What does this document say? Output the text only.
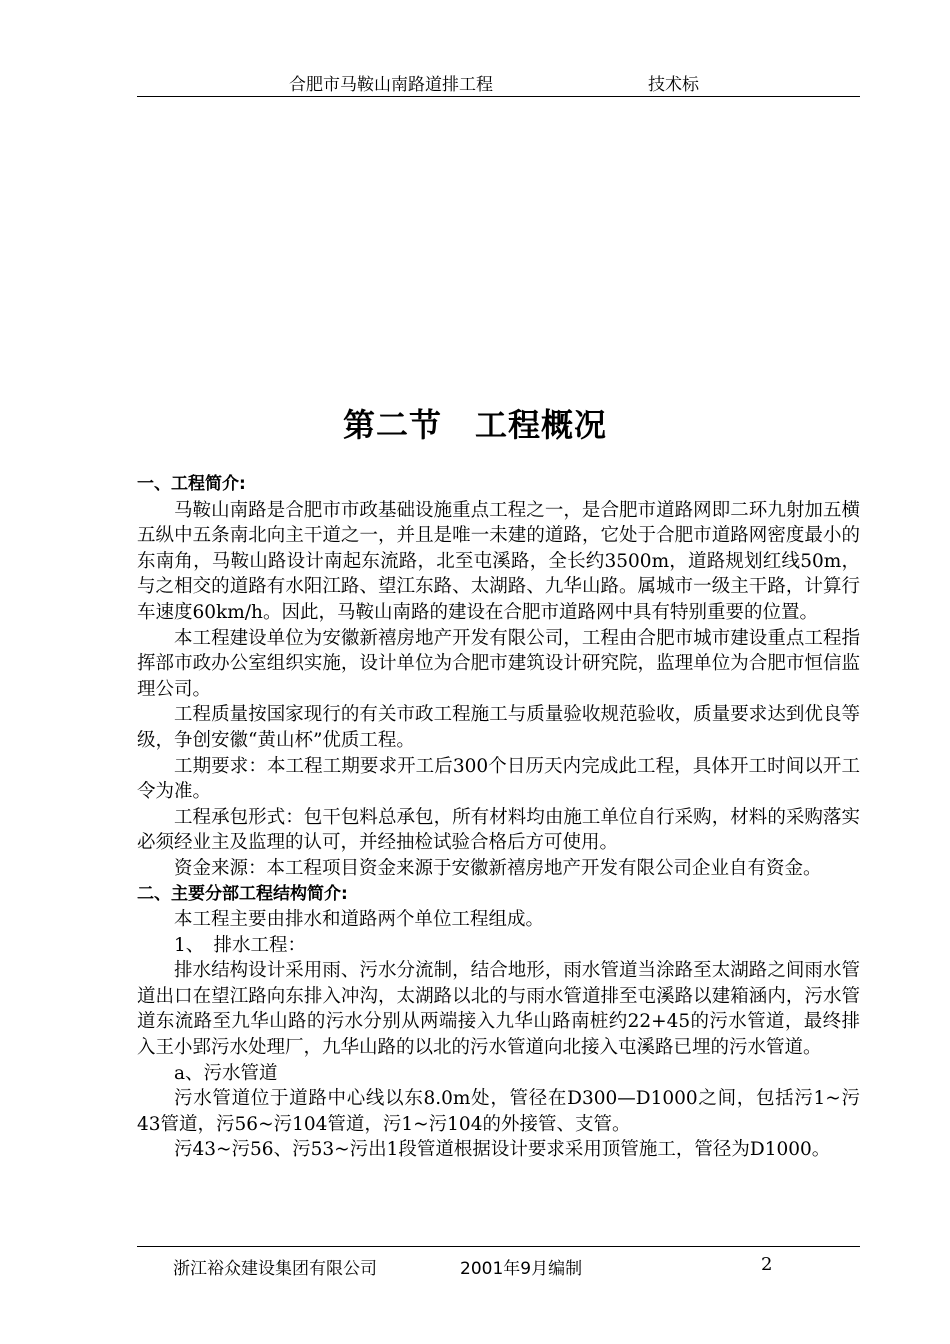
合肥市马鞍山南路道排工程	技术标
第二节　工程概况

一、工程简介:

马鞍山南路是合肥市市政基础设施重点工程之一，是合肥市道路网即二环九射加五横五纵中五条南北向主干道之一，并且是唯一未建的道路，它处于合肥市道路网密度最小的东南角，马鞍山路设计南起东流路，北至屯溪路，全长约3500m，道路规划红线50m，与之相交的道路有水阳江路、望江东路、太湖路、九华山路。属城市一级主干路，计算行车速度60km/h。因此，马鞍山南路的建设在合肥市道路网中具有特别重要的位置。

本工程建设单位为安徽新禧房地产开发有限公司，工程由合肥市城市建设重点工程指挥部市政办公室组织实施，设计单位为合肥市建筑设计研究院，监理单位为合肥市恒信监理公司。

工程质量按国家现行的有关市政工程施工与质量验收规范验收，质量要求达到优良等级，争创安徽“黄山杯”优质工程。

工期要求：本工程工期要求开工后300个日历天内完成此工程，具体开工时间以开工令为准。

工程承包形式：包干包料总承包，所有材料均由施工单位自行采购，材料的采购落实必须经业主及监理的认可，并经抽检试验合格后方可使用。

资金来源：本工程项目资金来源于安徽新禧房地产开发有限公司企业自有资金。

二、主要分部工程结构简介:

本工程主要由排水和道路两个单位工程组成。

1、　排水工程：

排水结构设计采用雨、污水分流制，结合地形，雨水管道当涂路至太湖路之间雨水管道出口在望江路向东排入冲沟，太湖路以北的与雨水管道排至屯溪路以建箱涵内，污水管道东流路至九华山路的污水分别从两端接入九华山路南桩约22+45的污水管道，最终排入王小郢污水处理厂，九华山路的以北的污水管道向北接入屯溪路已埋的污水管道。

a、污水管道

污水管道位于道路中心线以东8.0m处，管径在D300—D1000之间，包括污1~污43管道，污56~污104管道，污1~污104的外接管、支管。

污43~污56、污53~污出1段管道根据设计要求采用顶管施工，管径为D1000。

浙江裕众建设集团有限公司	2001年9月编制	2
